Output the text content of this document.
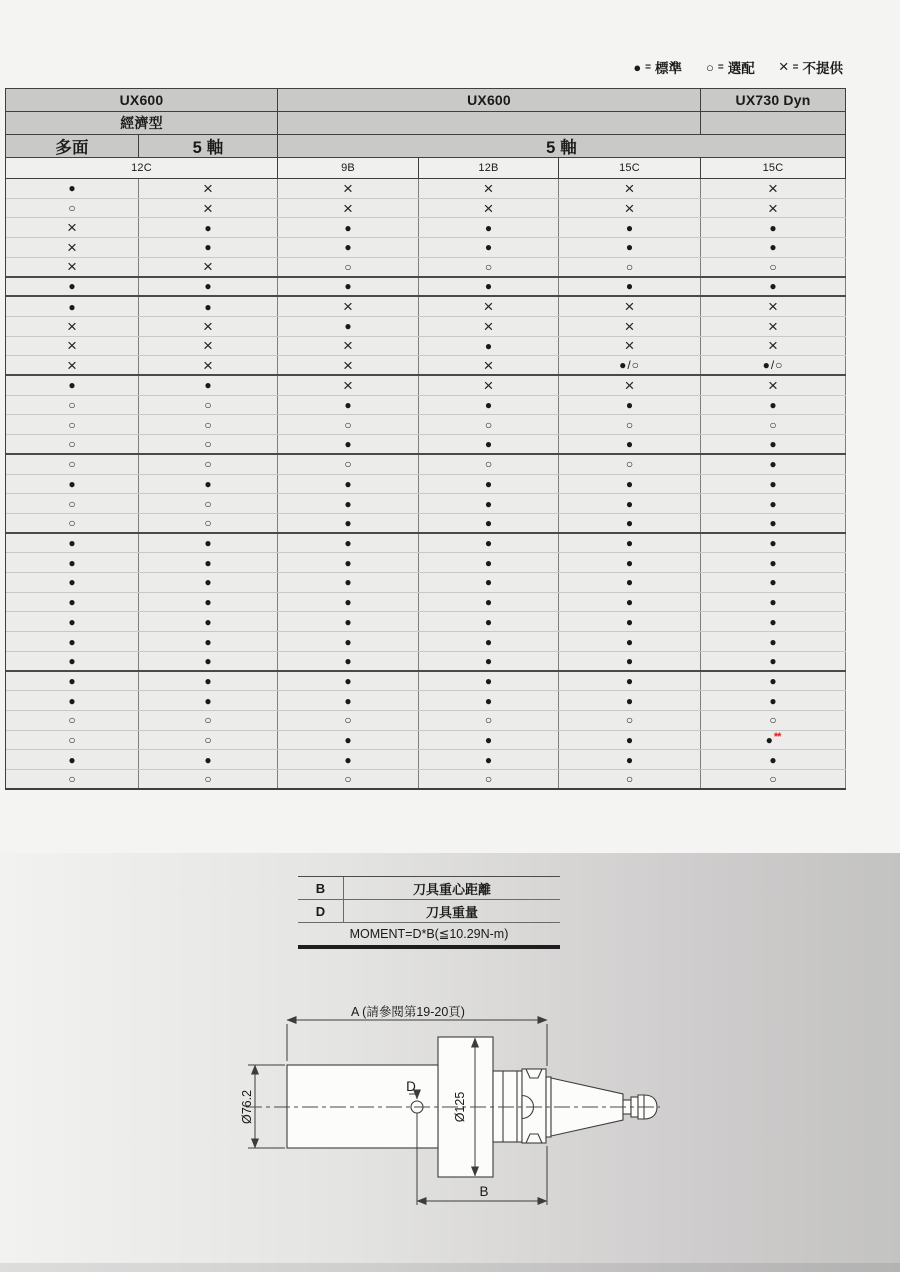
● = 標準 ○ = 選配 × = 不提供
UX600	UX600	UX730 Dyn
經濟型
多面	5 軸	5 軸
12C	9B	12B	15C	15C
●	×	×	×	×	×
○	×	×	×	×	×
×	●	●	●	●	●
×	●	●	●	●	●
×	×	○	○	○	○
●	●	●	●	●	●
●	●	×	×	×	×
×	×	●	×	×	×
×	×	×	●	×	×
×	×	×	×	●/○	●/○
●	●	×	×	×	×
○	○	●	●	●	●
○	○	○	○	○	○
○	○	●	●	●	●
○	○	○	○	○	●
●	●	●	●	●	●
○	○	●	●	●	●
○	○	●	●	●	●
●	●	●	●	●	●
●	●	●	●	●	●
●	●	●	●	●	●
●	●	●	●	●	●
●	●	●	●	●	●
●	●	●	●	●	●
●	●	●	●	●	●
●	●	●	●	●	●
●	●	●	●	●	●
○	○	○	○	○	○
○	○	●	●	●	● **
●	●	●	●	●	●
○	○	○	○	○	○
B	刀具重心距離
D	刀具重量
MOMENT=D*B(≦10.29N-m)
A (請參閱第19-20頁)
Ø76.2	Ø125
D
B
